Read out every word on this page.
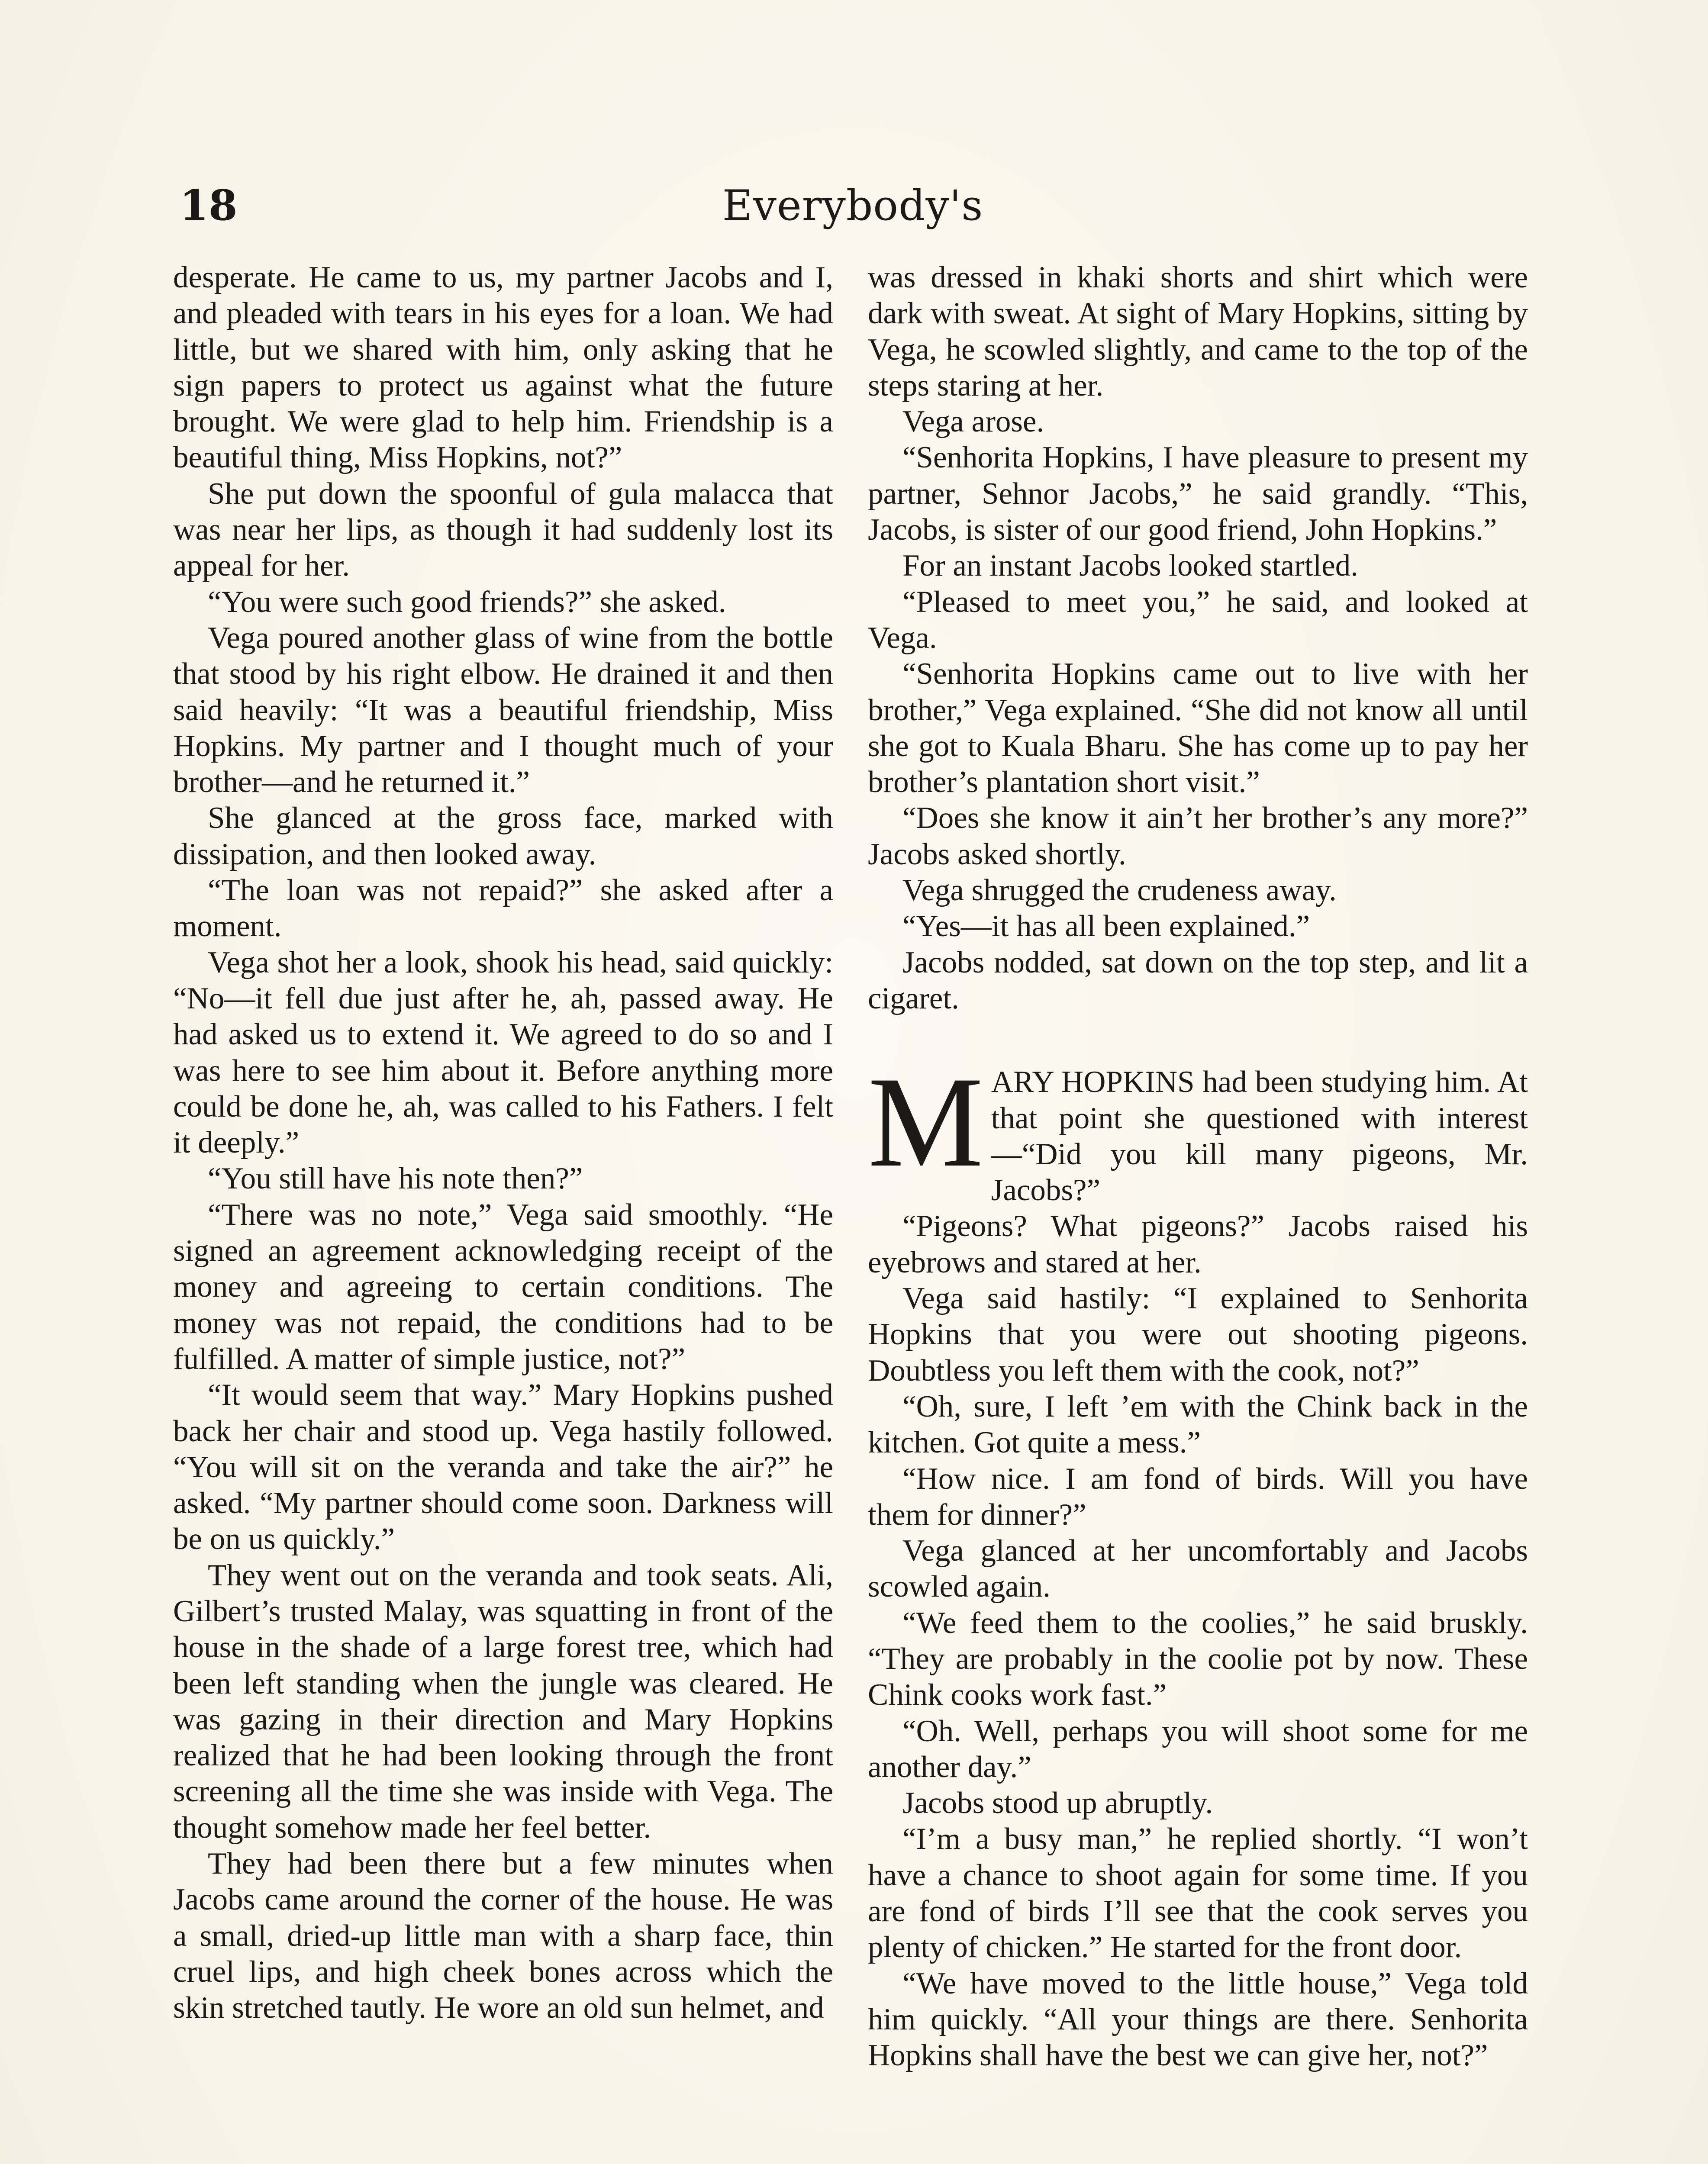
18	Everybody's

desperate. He came to us, my partner Jacobs and I, and pleaded with tears in his eyes for a loan. We had little, but we shared with him, only asking that he sign papers to protect us against what the future brought. We were glad to help him. Friendship is a beautiful thing, Miss Hopkins, not?”

She put down the spoonful of gula malacca that was near her lips, as though it had suddenly lost its appeal for her.

“You were such good friends?” she asked.

Vega poured another glass of wine from the bottle that stood by his right elbow. He drained it and then said heavily: “It was a beautiful friendship, Miss Hopkins. My partner and I thought much of your brother—and he returned it.”

She glanced at the gross face, marked with dissipation, and then looked away.

“The loan was not repaid?” she asked after a moment.

Vega shot her a look, shook his head, said quickly: “No—it fell due just after he, ah, passed away. He had asked us to extend it. We agreed to do so and I was here to see him about it. Before anything more could be done he, ah, was called to his Fathers. I felt it deeply.”

“You still have his note then?”

“There was no note,” Vega said smoothly. “He signed an agreement acknowledging receipt of the money and agreeing to certain conditions. The money was not repaid, the conditions had to be fulfilled. A matter of simple justice, not?”

“It would seem that way.” Mary Hopkins pushed back her chair and stood up. Vega hastily followed. “You will sit on the veranda and take the air?” he asked. “My partner should come soon. Darkness will be on us quickly.”

They went out on the veranda and took seats. Ali, Gilbert’s trusted Malay, was squatting in front of the house in the shade of a large forest tree, which had been left standing when the jungle was cleared. He was gazing in their direction and Mary Hopkins realized that he had been looking through the front screening all the time she was inside with Vega. The thought somehow made her feel better.

They had been there but a few minutes when Jacobs came around the corner of the house. He was a small, dried-up little man with a sharp face, thin cruel lips, and high cheek bones across which the skin stretched tautly. He wore an old sun helmet, and

was dressed in khaki shorts and shirt which were dark with sweat. At sight of Mary Hopkins, sitting by Vega, he scowled slightly, and came to the top of the steps staring at her.

Vega arose.

“Senhorita Hopkins, I have pleasure to present my partner, Sehnor Jacobs,” he said grandly. “This, Jacobs, is sister of our good friend, John Hopkins.”

For an instant Jacobs looked startled.

“Pleased to meet you,” he said, and looked at Vega.

“Senhorita Hopkins came out to live with her brother,” Vega explained. “She did not know all until she got to Kuala Bharu. She has come up to pay her brother’s plantation short visit.”

“Does she know it ain’t her brother’s any more?” Jacobs asked shortly.

Vega shrugged the crudeness away.

“Yes—it has all been explained.”

Jacobs nodded, sat down on the top step, and lit a cigaret.

MARY HOPKINS had been studying him. At that point she questioned with interest—“Did you kill many pigeons, Mr. Jacobs?”

“Pigeons? What pigeons?” Jacobs raised his eyebrows and stared at her.

Vega said hastily: “I explained to Senhorita Hopkins that you were out shooting pigeons. Doubtless you left them with the cook, not?”

“Oh, sure, I left ’em with the Chink back in the kitchen. Got quite a mess.”

“How nice. I am fond of birds. Will you have them for dinner?”

Vega glanced at her uncomfortably and Jacobs scowled again.

“We feed them to the coolies,” he said bruskly. “They are probably in the coolie pot by now. These Chink cooks work fast.”

“Oh. Well, perhaps you will shoot some for me another day.”

Jacobs stood up abruptly.

“I’m a busy man,” he replied shortly. “I won’t have a chance to shoot again for some time. If you are fond of birds I’ll see that the cook serves you plenty of chicken.” He started for the front door.

“We have moved to the little house,” Vega told him quickly. “All your things are there. Senhorita Hopkins shall have the best we can give her, not?”
